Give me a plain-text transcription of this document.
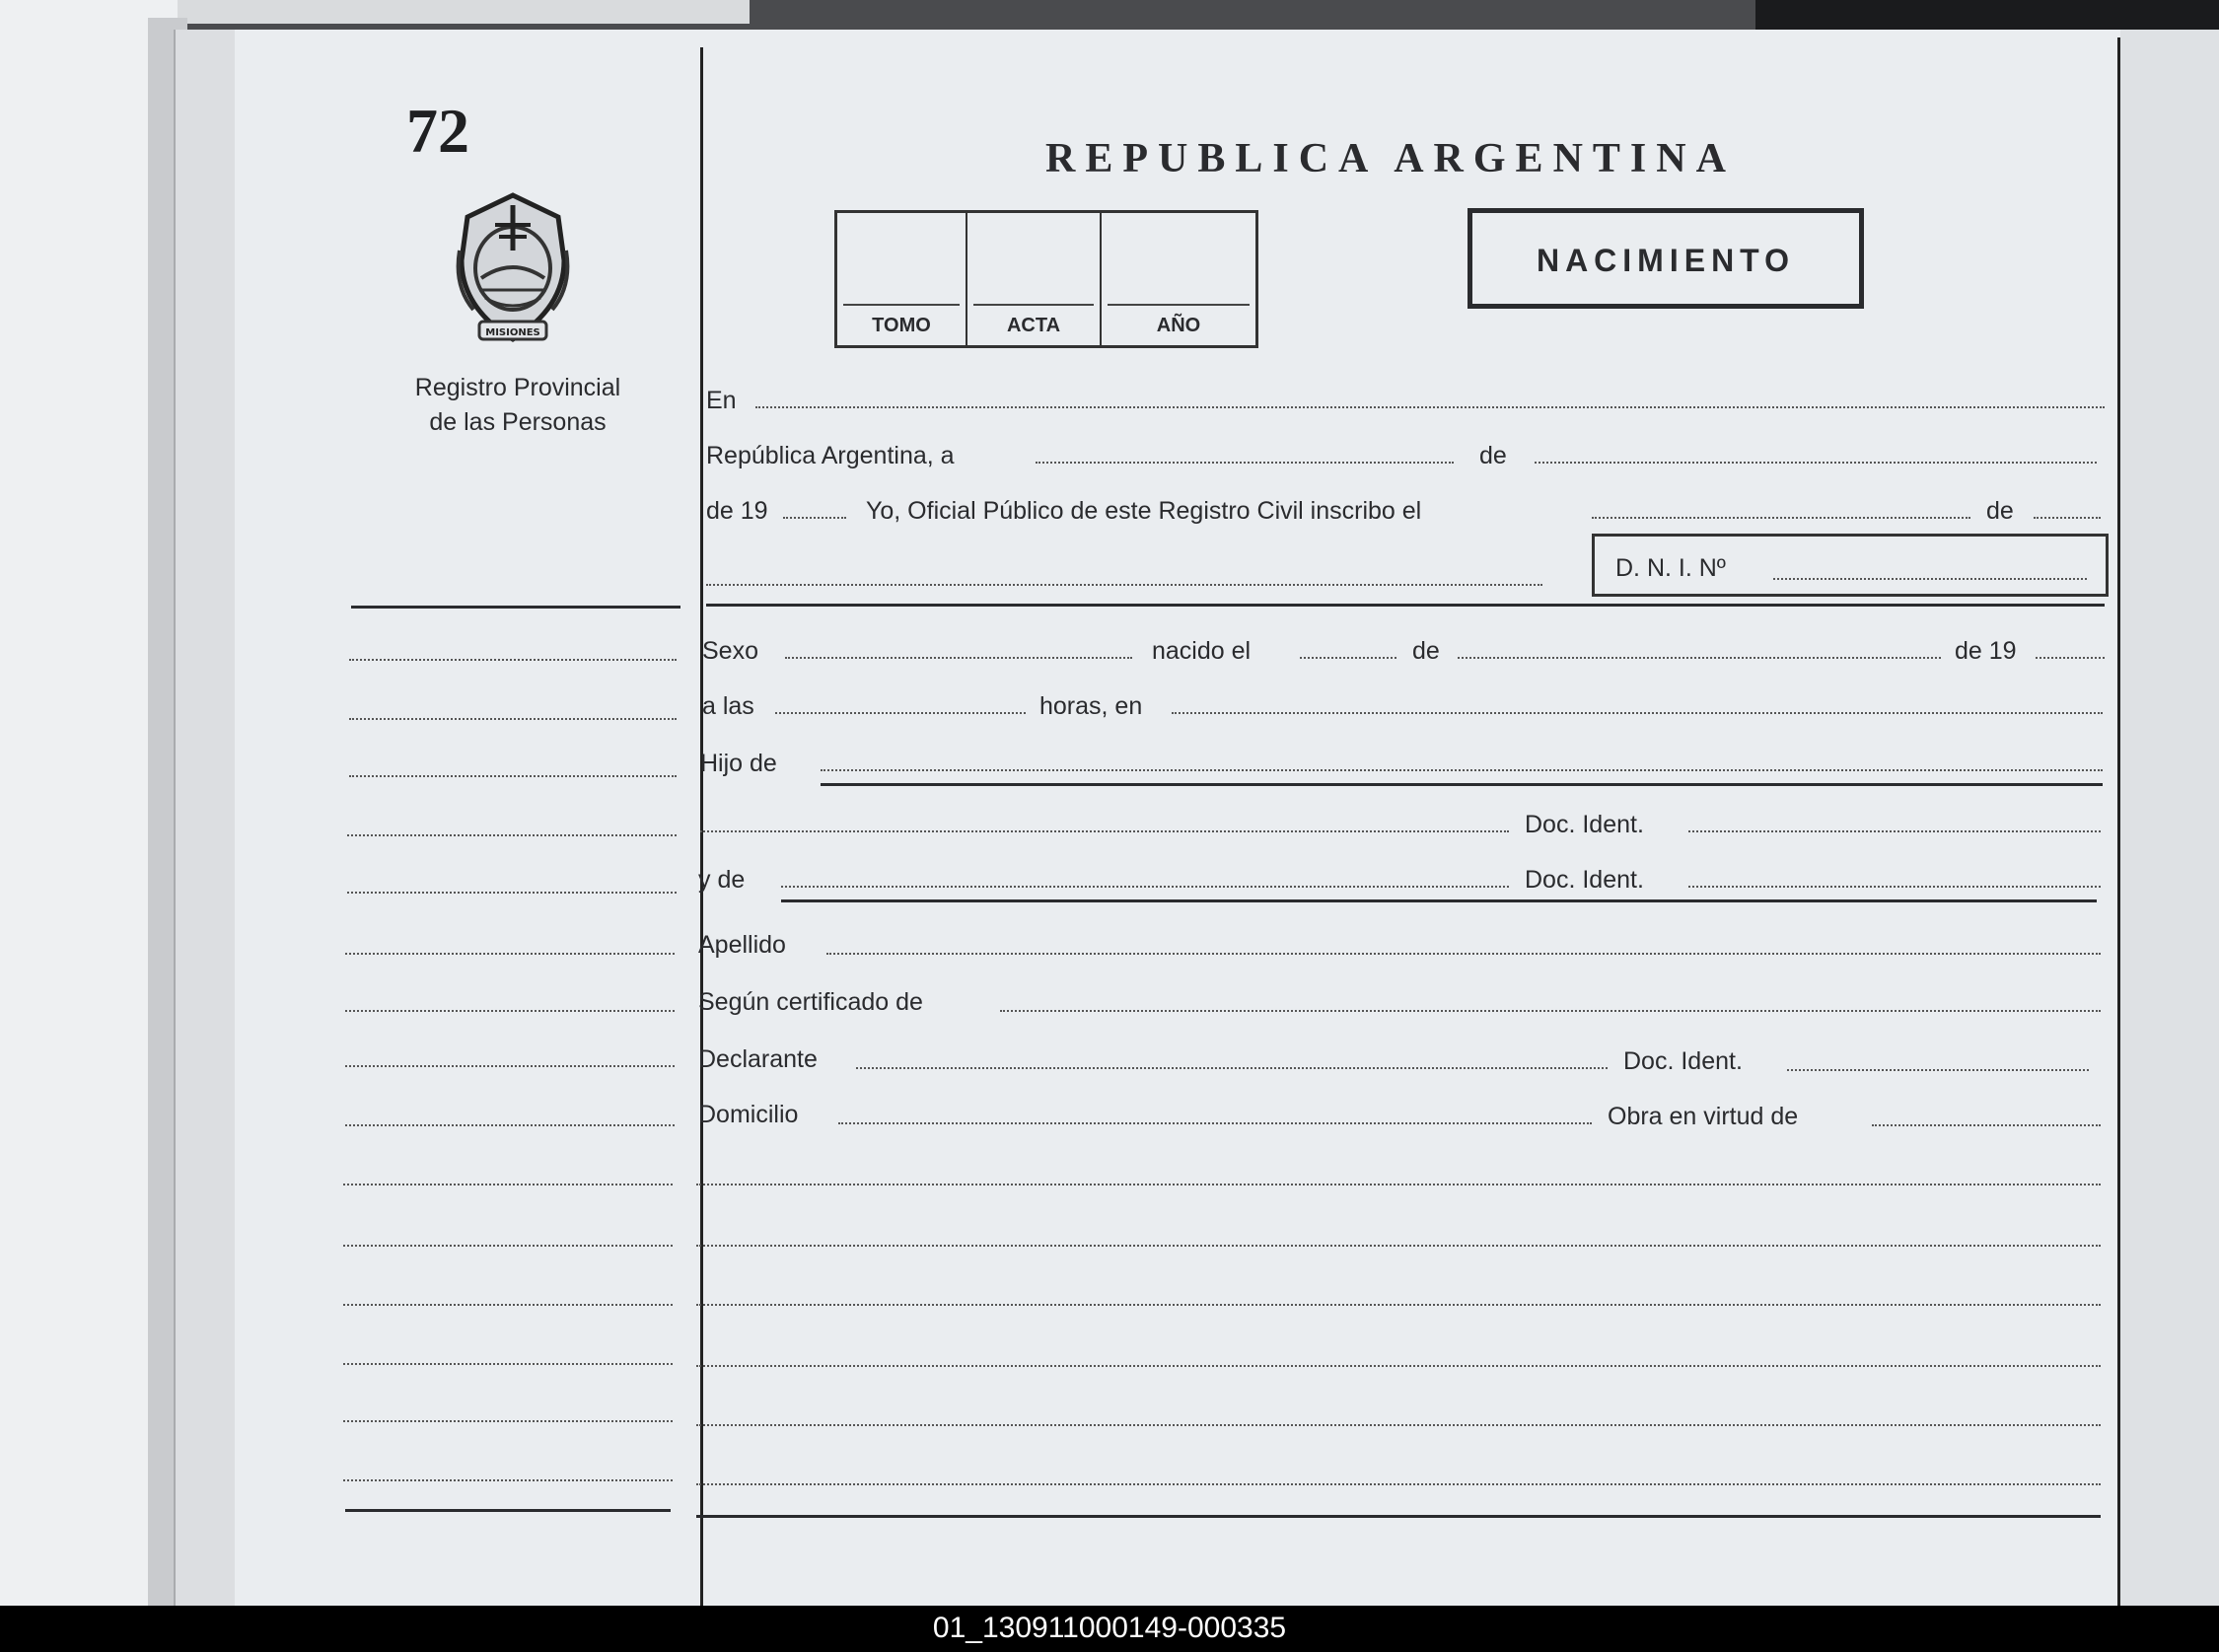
72
MISIONES
Registro Provincial
de las Personas
REPUBLICA ARGENTINA
TOMO	ACTA	AÑO
NACIMIENTO
En
República Argentina, a	de
de 19	Yo, Oficial Público de este Registro Civil inscribo el	de
D. N. I. Nº
Sexo	nacido el	de	de 19
a las	horas, en
Hijo de
Doc. Ident.
y de	Doc. Ident.
Apellido
Según certificado de
Declarante	Doc. Ident.
Domicilio	Obra en virtud de
01_130911000149-000335
